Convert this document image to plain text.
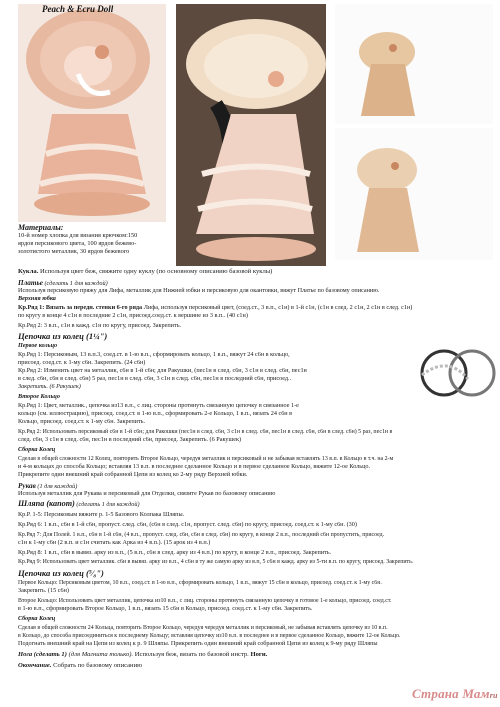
Peach & Ecru Doll
Материалы:
10-й номер хлопка для вязания крючком:150
ярдов персикового цвета, 100 ярдов бежево-
золотистого металлик, 30 ярдов бежевого
Кукла. Используя цвет беж, свяжите одну куклу (по основному описанию базовой куклы)
Платье (сделать 1 для каждой)
Используя персиковую пряжу для Лифа, металлик для Нижней юбки и персиковую для окантовки, вяжут Платье по базовому описанию.
Верхняя юбка
Кр.Ряд 1: Вязать за передн. стенки 6-го ряда Лифа, используя персиковый цвет, (соед.ст., 3 в.п., с1н) в 1-й с1н, (с1н в след. 2 с1н, 2 с1н в след. с1н)
по кругу в конце 4 с1н в последние 2 с1н, присоед.соед.ст. к вершине из 3 в.п.. (40 с1н)
Кр.Ряд 2: 3 в.п., с1н в кажд. с1н по кругу, присоед. Закрепить.
Цепочка из колец (1¼")
Первое кольцо
Кр.Ряд 1: Персиковым, 13 в.п.3, соед.ст. в 1-ю в.п., сформировать кольцо, 1 в.п., вяжут 24 с6н в кольцо,
присоед. соед.ст. к 1-му с6н. Закрепить. (24 с6н)
Кр.Ряд 2: Изменить цвет на металлик, с6н в 1-й с6н; для Ракушки, (пес1н в след. с6н, 3 с1н в след. с6н, пес1н
в след. с6н, с6н в след. с6н) 5 раз, пес1н в след. с6н, 3 с1н в след. с6н, пес1н в последний с6н, присоед..
Закрепить. (6 Ракушек)
Второе Кольцо
Кр.Ряд 1: Цвет, металлик., цепочка из13 в.п., с лиц. стороны протянуть связанную цепочку в связанное 1-е
кольцо (см. иллюстрацию), присоед. соед.ст. в 1-ю в.п., сформировать 2-е Кольцо, 1 в.п., вязать 24 с6н в
Кольцо, присоед. соед.ст. к 1-му с6н. Закрепить.
Кр.Ряд 2: Использовать персиковый с6н в 1-й с6н; для Ракошки (пес1н в след. с6н, 3 с1н в след. с6н, пес1н в след. с6н, с6н в след. с6н) 5 раз, пес1н в
след. с6н, 3 с1н в след. с6н, пес1н в последний с6н, присоед. Закрепить. (6 Ракушек)
Сборка Колец
Сделав в общей сложности 12 Колец, повторить Второе Кольцо, чередуя металлик и персиковый и не забывая вставлять 13 в.п. в Кольцо в т.ч. на 2-м
и 4-м кольцах до способа Кольцо; вставляя 13 в.п. в последнее сделанное Кольцо и в первое сделанное Кольцо, вяжите 12-ое Кольцо.
Прикрепите один внешний край собранной Цепи из колец ко 2-му ряду Верхней юбки.
Рукав (1 для каждой)
Используя металлик для Рукава и персиковый для Отделки, связите Рукав по базовому описанию
Шляпа (капот) (сделать 1 для каждой)
Кр.Р. 1-5: Персиковым вяжите р. 1-5 Базового Колпака Шляпы.
Кр.Ряд 6: 1 в.п., с6н в 1-й с6н, пропуст. след. с6н, (с6н в след. с1н, пропуст. след. с6н) по кругу, присоед. соед.ст. к 1-му с6н. (30)
Кр.Ряд 7: Для Полей. 1 в.п., с6н в 1-й с6н, (4 в.п., пропуст. след. с6н, с6н в след. с6н) по кругу, в конце 2 в.п., последний с6н пропустить, присоед.
с1н к 1-му с6н (2 в.п. и с1н считать как Арка из 4 в.п.). (15 арок из 4 в.п.)
Кр.Ряд 8: 1 в.п., с6н в вывяз. арку из в.п., (5 в.п., с6н в след. арку из 4 в.п.) по кругу, в конце 2 в.п., присоед. Закрепить.
Кр.Ряд 9: Использовать цвет металлик. с6н в вывяз. арку из в.п., 4 с6н в ту же самую арку из в.п, 5 с6н в кажд. арку из 5-ти в.п. по кругу, присоед. Закрепить.
Цепочка из колец (⁵⁄₈")
Первое Кольцо: Персиковым цветом, 10 в.п., соед.ст. в 1-ю в.п., сформировать кольцо, 1 в.п., вяжут 15 с6н в кольцо, присоед. соед.ст. к 1-му с6н.
Закрепить. (15 с6н)
Второе Кольцо: Использовать цвет металлик, цепочка из10 в.п., с лиц. стороны протянуть связанную цепочку в готовое 1-е кольцо, присоед. соед.ст.
в 1-ю в.п., сформировать Второе Кольцо, 1 в.п., вязать 15 с6н в Кольцо, присоед. соед.ст. к 1-му с6н. Закрепить.
Сборка Колец
Сделав в общей сложности 24 Кольца, повторить Второе Кольцо, чередуя чередуя металлик и персиковый, не забывая вставлять цепочку из 10 в.п.
в Кольцо, до способа присоединиться к последнему Кольцу; вставляя цепочку из10 в.п. в последнее и в первое сделанное Кольцо, вяжите 12-ое Кольцо.
Подогнать внешний край на Цепи из колец к р. 9 Шляпы. Прикрепить один внешний край собранной Цепи из колец к 9-му ряду Шляпы
Нога (сделать 1) (для Магнита только). Используя беж, вязать по базовой инстр. Ноги.
Окончание. Собрать по базовому описанию
Страна Мамru
